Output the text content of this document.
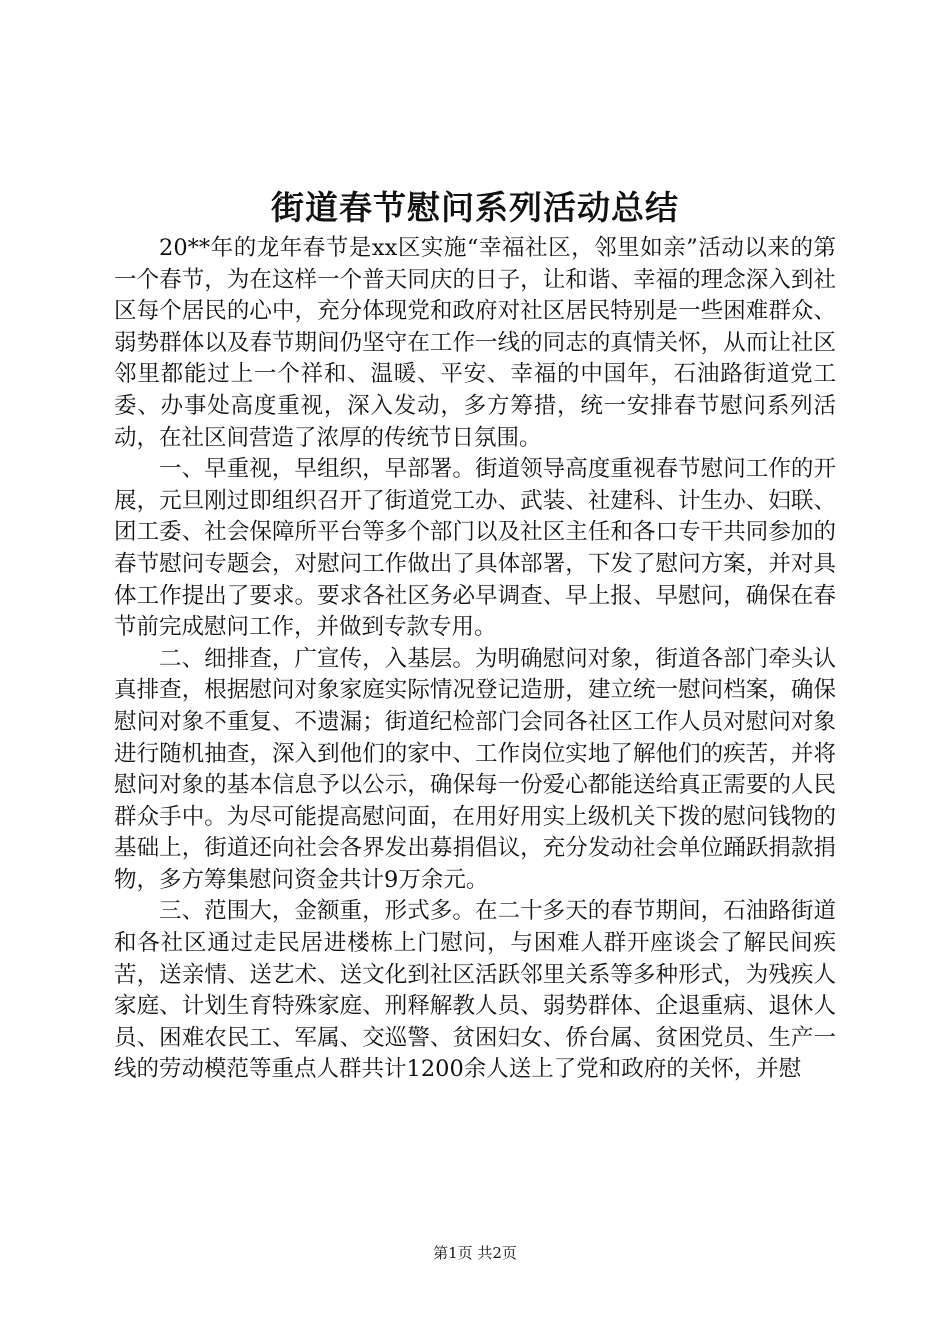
街道春节慰问系列活动总结

20**年的龙年春节是xx区实施“幸福社区，邻里如亲”活动以来的第一个春节，为在这样一个普天同庆的日子，让和谐、幸福的理念深入到社区每个居民的心中，充分体现党和政府对社区居民特别是一些困难群众、弱势群体以及春节期间仍坚守在工作一线的同志的真情关怀，从而让社区邻里都能过上一个祥和、温暖、平安、幸福的中国年，石油路街道党工委、办事处高度重视，深入发动，多方筹措，统一安排春节慰问系列活动，在社区间营造了浓厚的传统节日氛围。

一、早重视，早组织，早部署。街道领导高度重视春节慰问工作的开展，元旦刚过即组织召开了街道党工办、武装、社建科、计生办、妇联、团工委、社会保障所平台等多个部门以及社区主任和各口专干共同参加的春节慰问专题会，对慰问工作做出了具体部署，下发了慰问方案，并对具体工作提出了要求。要求各社区务必早调查、早上报、早慰问，确保在春节前完成慰问工作，并做到专款专用。

二、细排查，广宣传，入基层。为明确慰问对象，街道各部门牵头认真排查，根据慰问对象家庭实际情况登记造册，建立统一慰问档案，确保慰问对象不重复、不遗漏；街道纪检部门会同各社区工作人员对慰问对象进行随机抽查，深入到他们的家中、工作岗位实地了解他们的疾苦，并将慰问对象的基本信息予以公示，确保每一份爱心都能送给真正需要的人民群众手中。为尽可能提高慰问面，在用好用实上级机关下拨的慰问钱物的基础上，街道还向社会各界发出募捐倡议，充分发动社会单位踊跃捐款捐物，多方筹集慰问资金共计9万余元。

三、范围大，金额重，形式多。在二十多天的春节期间，石油路街道和各社区通过走民居进楼栋上门慰问，与困难人群开座谈会了解民间疾苦，送亲情、送艺术、送文化到社区活跃邻里关系等多种形式，为残疾人家庭、计划生育特殊家庭、刑释解教人员、弱势群体、企退重病、退休人员、困难农民工、军属、交巡警、贫困妇女、侨台属、贫困党员、生产一线的劳动模范等重点人群共计1200余人送上了党和政府的关怀，并慰

第1页 共2页
